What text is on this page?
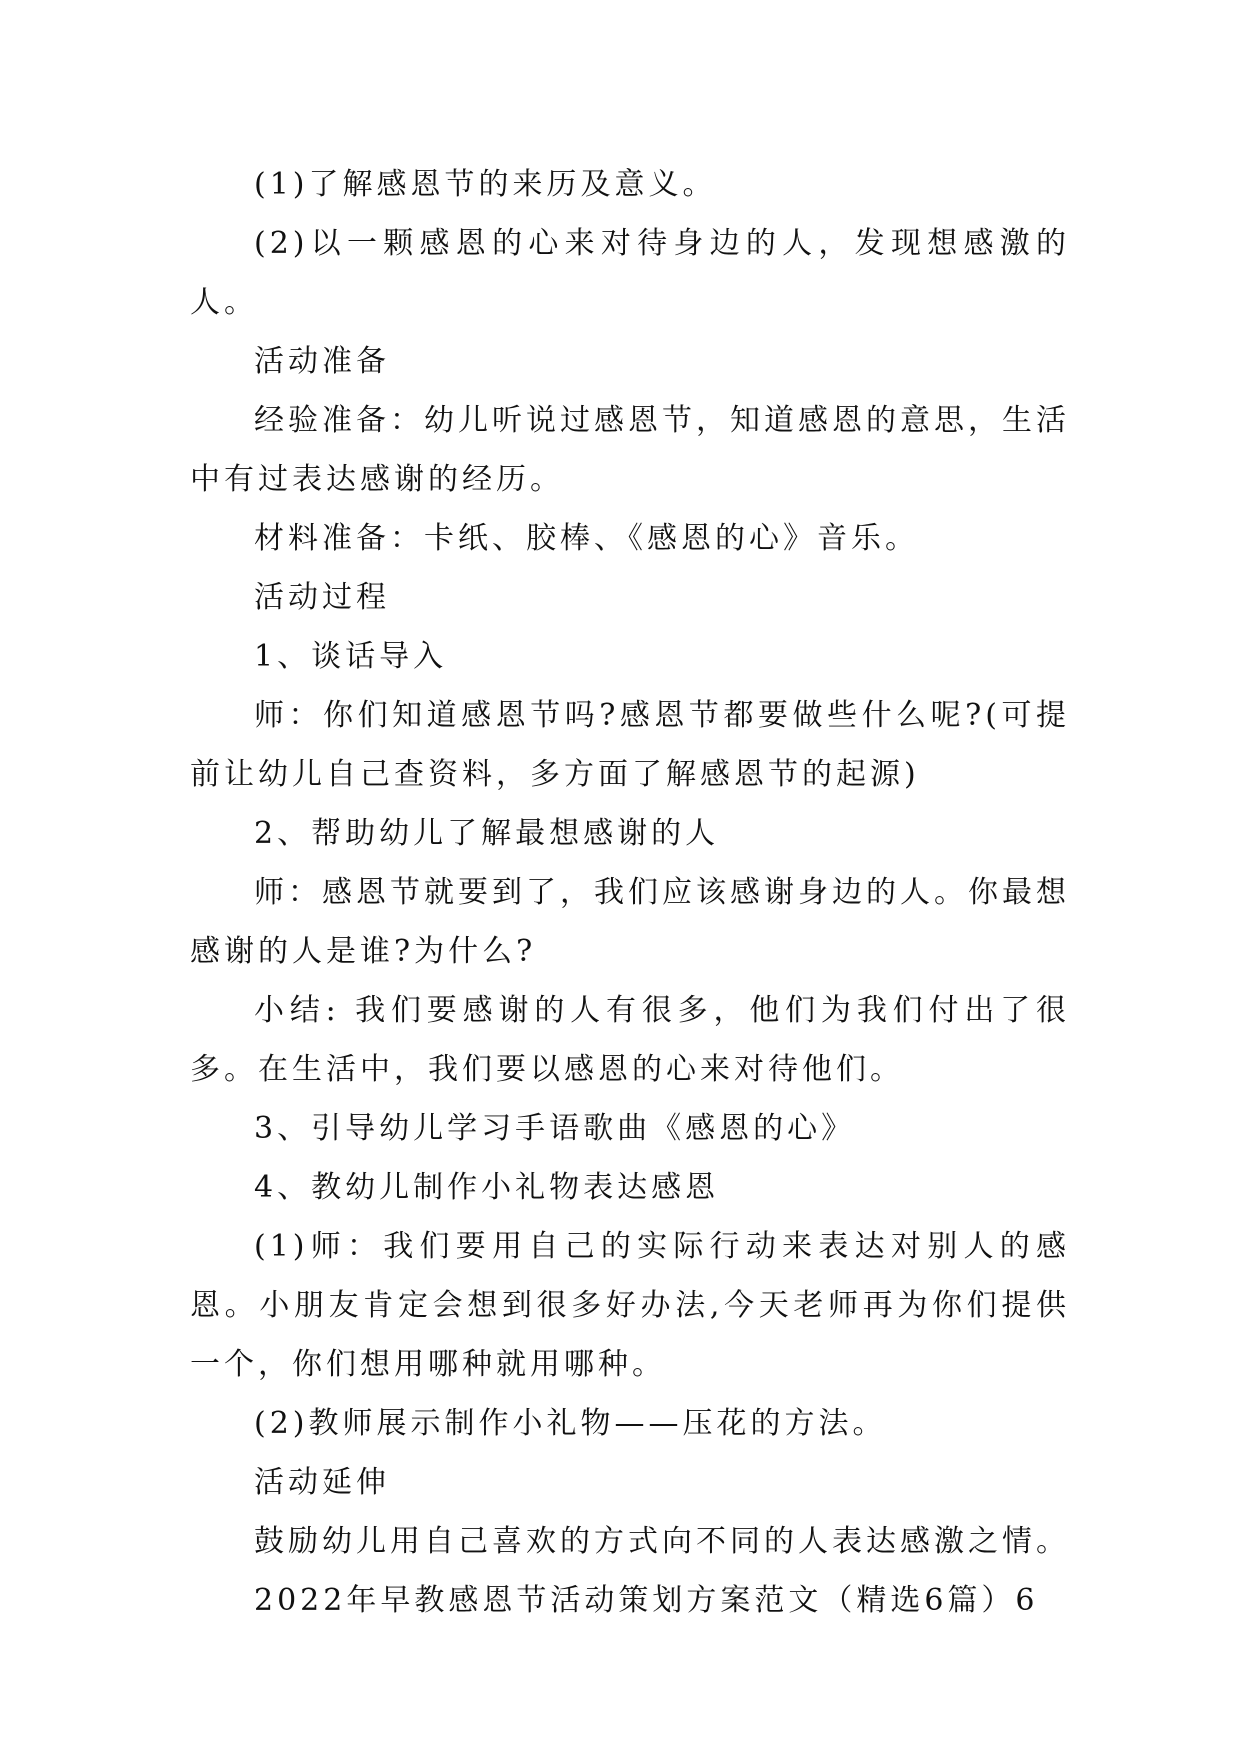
(1)了解感恩节的来历及意义。

(2)以一颗感恩的心来对待身边的人，发现想感激的人。

活动准备

经验准备：幼儿听说过感恩节，知道感恩的意思，生活中有过表达感谢的经历。

材料准备：卡纸、胶棒、《感恩的心》音乐。

活动过程

1、谈话导入

师：你们知道感恩节吗?感恩节都要做些什么呢?(可提前让幼儿自己查资料，多方面了解感恩节的起源)

2、帮助幼儿了解最想感谢的人

师：感恩节就要到了，我们应该感谢身边的人。你最想感谢的人是谁?为什么?

小结: 我们要感谢的人有很多，他们为我们付出了很多。在生活中，我们要以感恩的心来对待他们。

3、引导幼儿学习手语歌曲《感恩的心》

4、教幼儿制作小礼物表达感恩

(1)师：我们要用自己的实际行动来表达对别人的感恩。小朋友肯定会想到很多好办法,今天老师再为你们提供一个，你们想用哪种就用哪种。

(2)教师展示制作小礼物——压花的方法。

活动延伸

鼓励幼儿用自己喜欢的方式向不同的人表达感激之情。

2022年早教感恩节活动策划方案范文（精选6篇）6
